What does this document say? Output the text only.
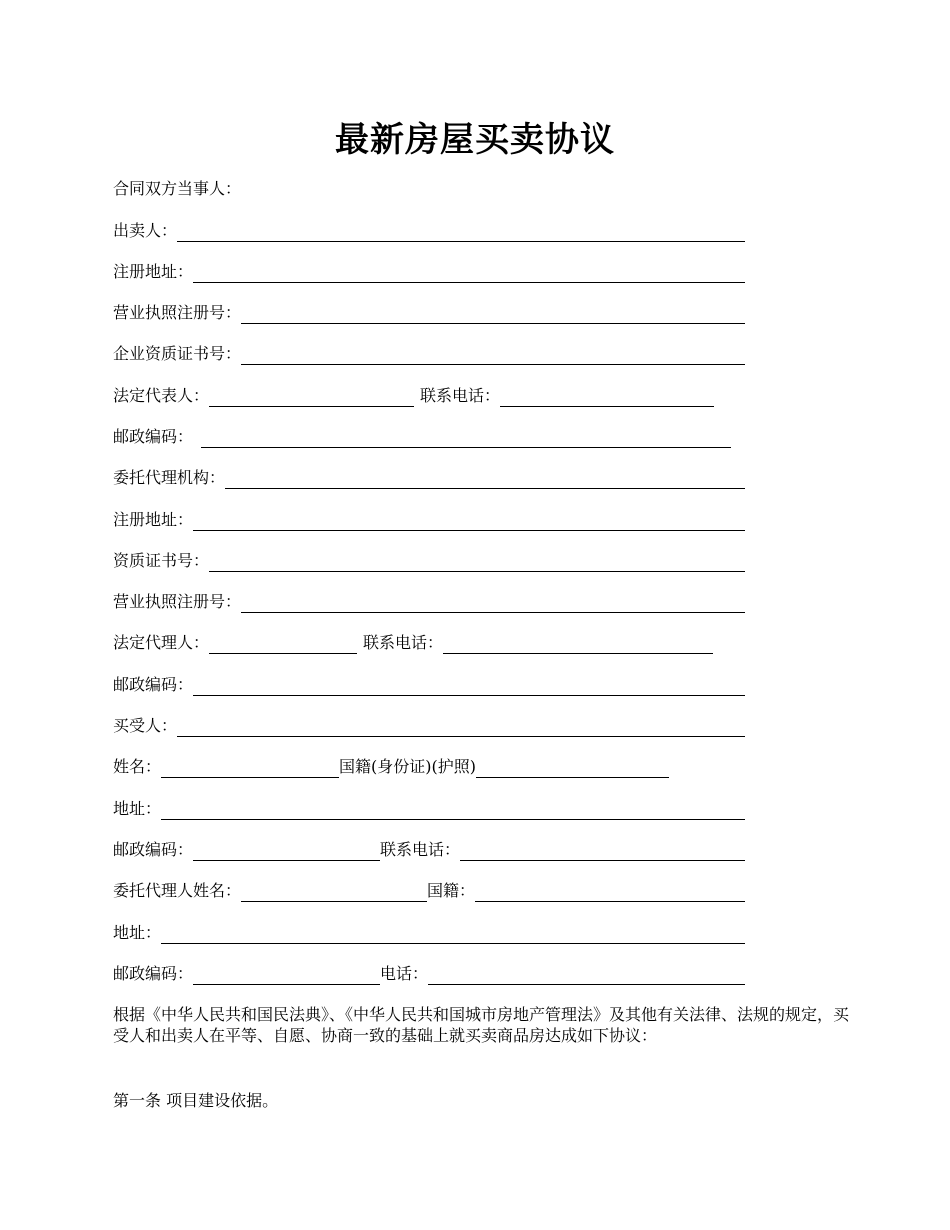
最新房屋买卖协议
合同双方当事人：
出卖人：
注册地址：
营业执照注册号：
企业资质证书号：
法定代表人：	联系电话：
邮政编码：
委托代理机构：
注册地址：
资质证书号：
营业执照注册号：
法定代理人：	联系电话：
邮政编码：
买受人：
姓名：	国籍(身份证)(护照)
地址：
邮政编码：	联系电话：
委托代理人姓名：	国籍：
地址：
邮政编码：	电话：

根据《中华人民共和国民法典》、《中华人民共和国城市房地产管理法》及其他有关法律、法规的规定，买受人和出卖人在平等、自愿、协商一致的基础上就买卖商品房达成如下协议：

第一条 项目建设依据。
